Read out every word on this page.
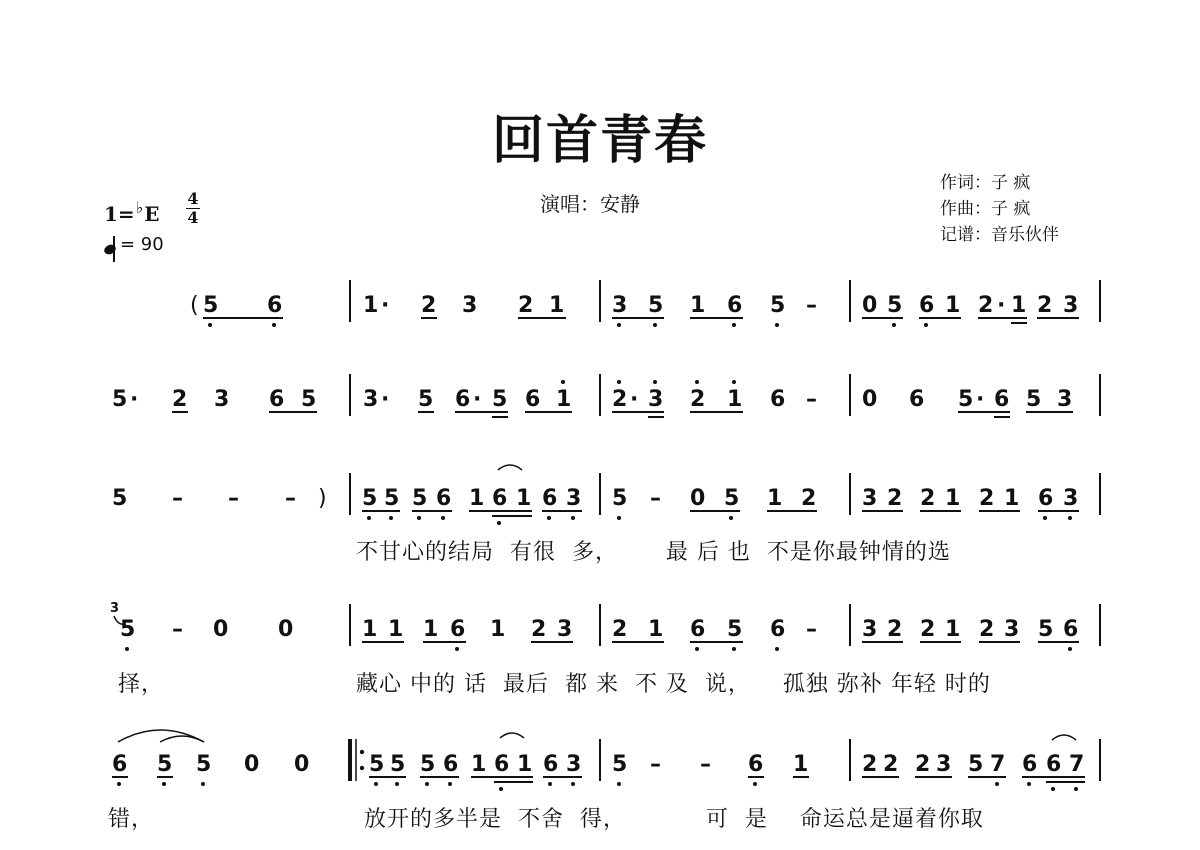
回首青春
演唱：安静
作词：子 疯
作曲：子 疯
记谱：音乐伙伴
1=♭E
4
4
= 90
( 5 6	1 · 2 3 2 1 3 5 1 6 5 – 0 5 6 1 2 · 1 2 3
5 · 2 3 6 5 3 · 5 6 · 5 6 1 2 · 3 2 1 6 – 0 6 5 · 6 5 3
5 – – – ) 5 5 5 6 1 6 1 6 3 5 – 0 5 1 2 3 2 2 1 2 1 6 3
3
5 – 0 0	1 1 1 6 1 2 3 2 1 6 5 6 – 3 2 2 1 2 3 5 6
6 5 5 0 0	5 5 5 6 1 6 1 6 3 5 – – 6 1 2 2 2 3 5 7 6 6 7
不甘心的结局  有很  多，      最 后 也  不是你最钟情的选
择，	藏心 中的 话  最后  都 来  不 及  说，    孤独 弥补 年轻 时的
错，	放开的多半是  不舍  得，          可  是    命运总是逼着你取
